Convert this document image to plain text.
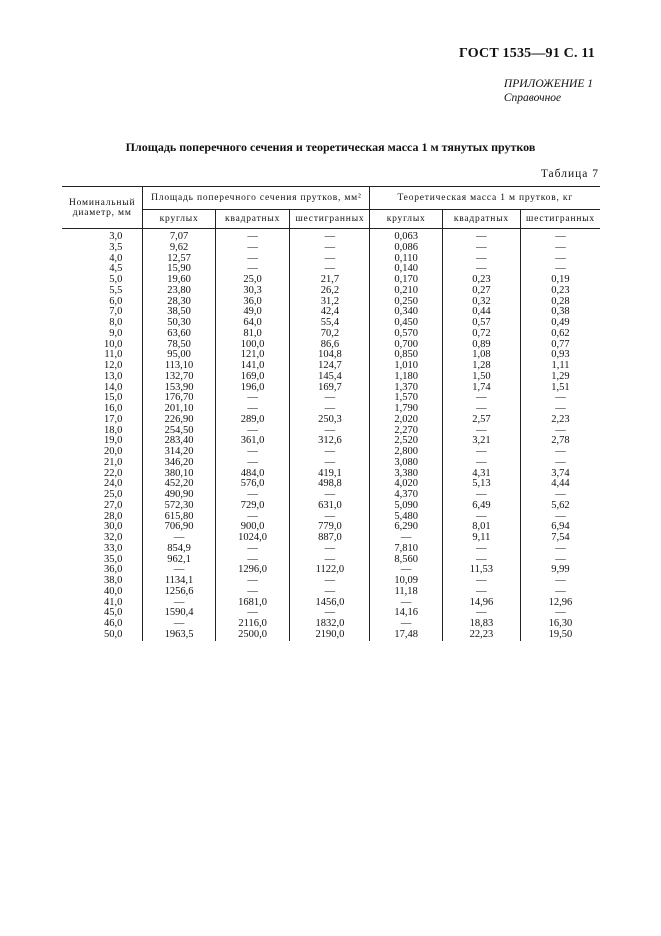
ГОСТ 1535—91 С. 11
ПРИЛОЖЕНИЕ 1
Справочное
Площадь поперечного сечения и теоретическая масса 1 м тянутых прутков
Таблица 7
Номинальный диаметр, мм	Площадь поперечного сечения прутков, мм²			Теоретическая масса 1 м прутков, кг		
	круглых	квадратных	шестигранных	круглых	квадратных	шестигранных
3,0	7,07	—	—	0,063	—	—
3,5	9,62	—	—	0,086	—	—
4,0	12,57	—	—	0,110	—	—
4,5	15,90	—	—	0,140	—	—
5,0	19,60	25,0	21,7	0,170	0,23	0,19
5,5	23,80	30,3	26,2	0,210	0,27	0,23
6,0	28,30	36,0	31,2	0,250	0,32	0,28
7,0	38,50	49,0	42,4	0,340	0,44	0,38
8,0	50,30	64,0	55,4	0,450	0,57	0,49
9,0	63,60	81,0	70,2	0,570	0,72	0,62
10,0	78,50	100,0	86,6	0,700	0,89	0,77
11,0	95,00	121,0	104,8	0,850	1,08	0,93
12,0	113,10	141,0	124,7	1,010	1,28	1,11
13,0	132,70	169,0	145,4	1,180	1,50	1,29
14,0	153,90	196,0	169,7	1,370	1,74	1,51
15,0	176,70	—	—	1,570	—	—
16,0	201,10	—	—	1,790	—	—
17,0	226,90	289,0	250,3	2,020	2,57	2,23
18,0	254,50	—	—	2,270	—	—
19,0	283,40	361,0	312,6	2,520	3,21	2,78
20,0	314,20	—	—	2,800	—	—
21,0	346,20	—	—	3,080	—	—
22,0	380,10	484,0	419,1	3,380	4,31	3,74
24,0	452,20	576,0	498,8	4,020	5,13	4,44
25,0	490,90	—	—	4,370	—	—
27,0	572,30	729,0	631,0	5,090	6,49	5,62
28,0	615,80	—	—	5,480	—	—
30,0	706,90	900,0	779,0	6,290	8,01	6,94
32,0	—	1024,0	887,0	—	9,11	7,54
33,0	854,9	—	—	7,810	—	—
35,0	962,1	—	—	8,560	—	—
36,0	—	1296,0	1122,0	—	11,53	9,99
38,0	1134,1	—	—	10,09	—	—
40,0	1256,6	—	—	11,18	—	—
41,0	—	1681,0	1456,0	—	14,96	12,96
45,0	1590,4	—	—	14,16	—	—
46,0	—	2116,0	1832,0	—	18,83	16,30
50,0	1963,5	2500,0	2190,0	17,48	22,23	19,50
